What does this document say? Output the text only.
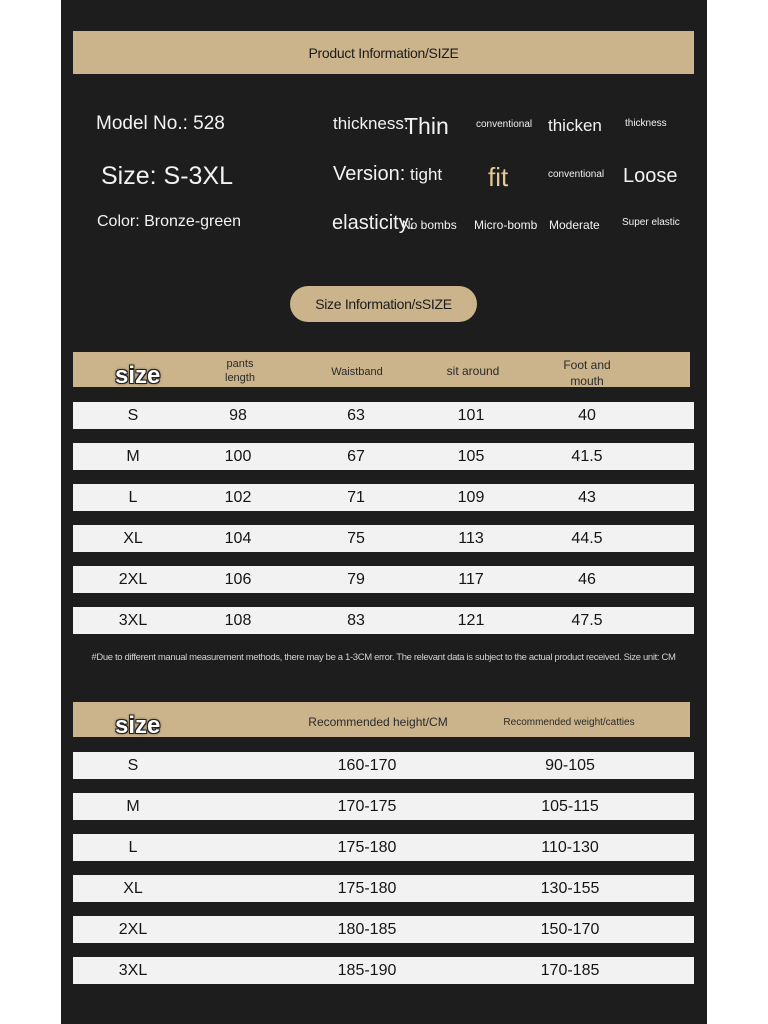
Product Information/SIZE
Model No.: 528
Size: S-3XL
Color: Bronze-green
thickness:
Thin	conventional thicken thickness
Version: tight fit	conventional Loose
elasticity:
No bombs Micro-bomb Moderate Super elastic
Size Information/sSIZE
size	pants length	Waistband	sit around	Foot and mouth
S	98	63	101	40
M	100	67	105	41.5
L	102	71	109	43
XL	104	75	113	44.5
2XL	106	79	117	46
3XL	108	83	121	47.5
#Due to different manual measurement methods, there may be a 1-3CM error. The relevant data is subject to the actual product received. Size unit: CM
size	Recommended height/CM	Recommended weight/catties
S	160-170	90-105
M	170-175	105-115
L	175-180	110-130
XL	175-180	130-155
2XL	180-185	150-170
3XL	185-190	170-185
